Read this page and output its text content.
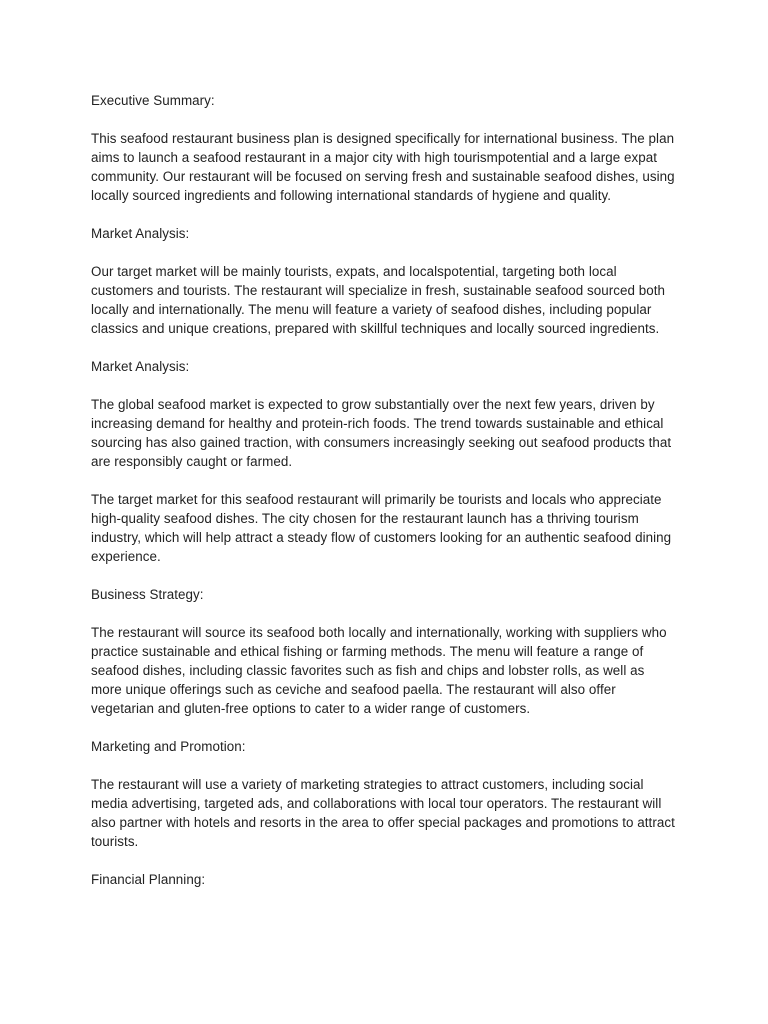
Executive Summary:
This seafood restaurant business plan is designed specifically for international business. The plan aims to launch a seafood restaurant in a major city with high tourismpotential and a large expat community. Our restaurant will be focused on serving fresh and sustainable seafood dishes, using locally sourced ingredients and following international standards of hygiene and quality.
Market Analysis:
Our target market will be mainly tourists, expats, and localspotential, targeting both local customers and tourists. The restaurant will specialize in fresh, sustainable seafood sourced both locally and internationally. The menu will feature a variety of seafood dishes, including popular classics and unique creations, prepared with skillful techniques and locally sourced ingredients.
Market Analysis:
The global seafood market is expected to grow substantially over the next few years, driven by increasing demand for healthy and protein-rich foods. The trend towards sustainable and ethical sourcing has also gained traction, with consumers increasingly seeking out seafood products that are responsibly caught or farmed.
The target market for this seafood restaurant will primarily be tourists and locals who appreciate high-quality seafood dishes. The city chosen for the restaurant launch has a thriving tourism industry, which will help attract a steady flow of customers looking for an authentic seafood dining experience.
Business Strategy:
The restaurant will source its seafood both locally and internationally, working with suppliers who practice sustainable and ethical fishing or farming methods. The menu will feature a range of seafood dishes, including classic favorites such as fish and chips and lobster rolls, as well as more unique offerings such as ceviche and seafood paella. The restaurant will also offer vegetarian and gluten-free options to cater to a wider range of customers.
Marketing and Promotion:
The restaurant will use a variety of marketing strategies to attract customers, including social media advertising, targeted ads, and collaborations with local tour operators. The restaurant will also partner with hotels and resorts in the area to offer special packages and promotions to attract tourists.
Financial Planning:
